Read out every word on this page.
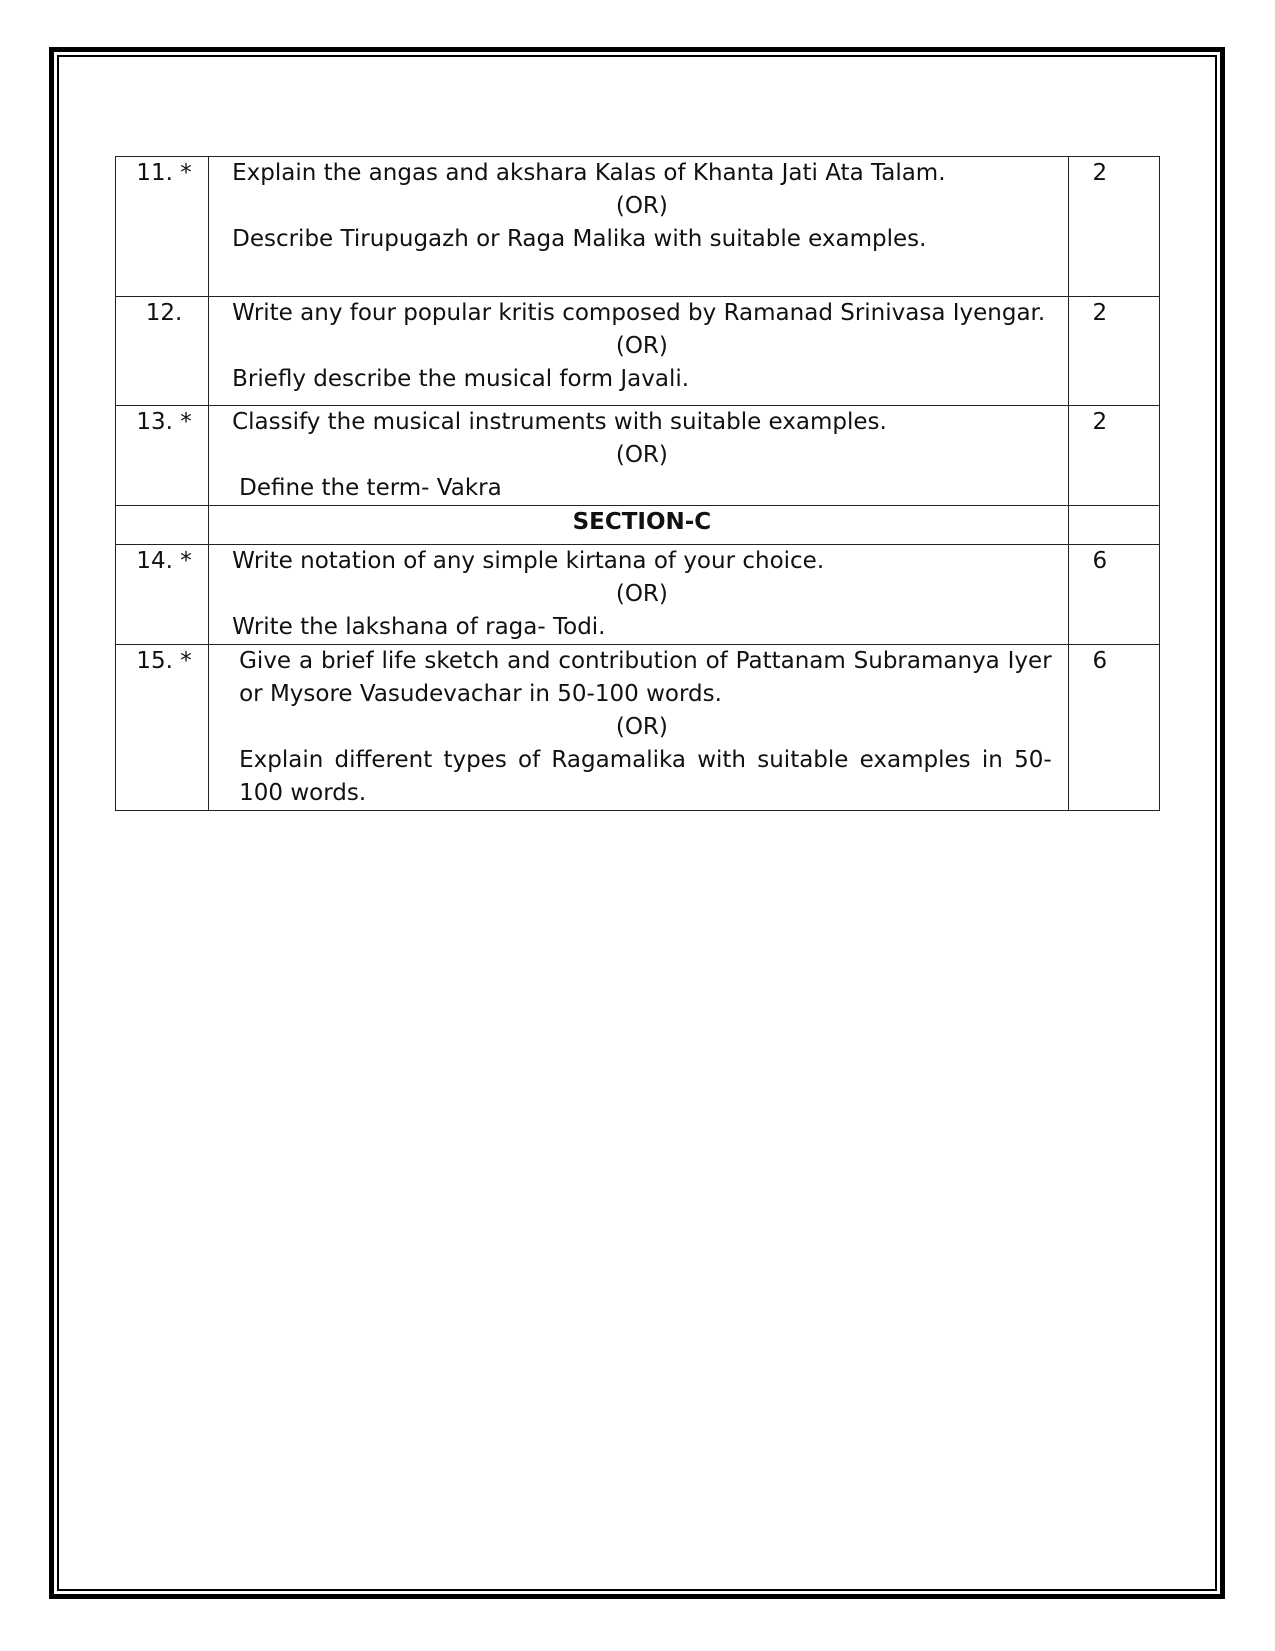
11. *	Explain the angas and akshara Kalas of Khanta Jati Ata Talam.
(OR)
Describe Tirupugazh or Raga Malika with suitable examples.	2
12.	Write any four popular kritis composed by Ramanad Srinivasa Iyengar.
(OR)
Briefly describe the musical form Javali.	2
13. *	Classify the musical instruments with suitable examples.
(OR)
Define the term- Vakra	2
	SECTION-C	
14. *	Write notation of any simple kirtana of your choice.
(OR)
Write the lakshana of raga- Todi.	6
15. *	Give a brief life sketch and contribution of Pattanam Subramanya Iyer or Mysore Vasudevachar in 50-100 words.
(OR)
Explain different types of Ragamalika with suitable examples in 50-100 words.	6
